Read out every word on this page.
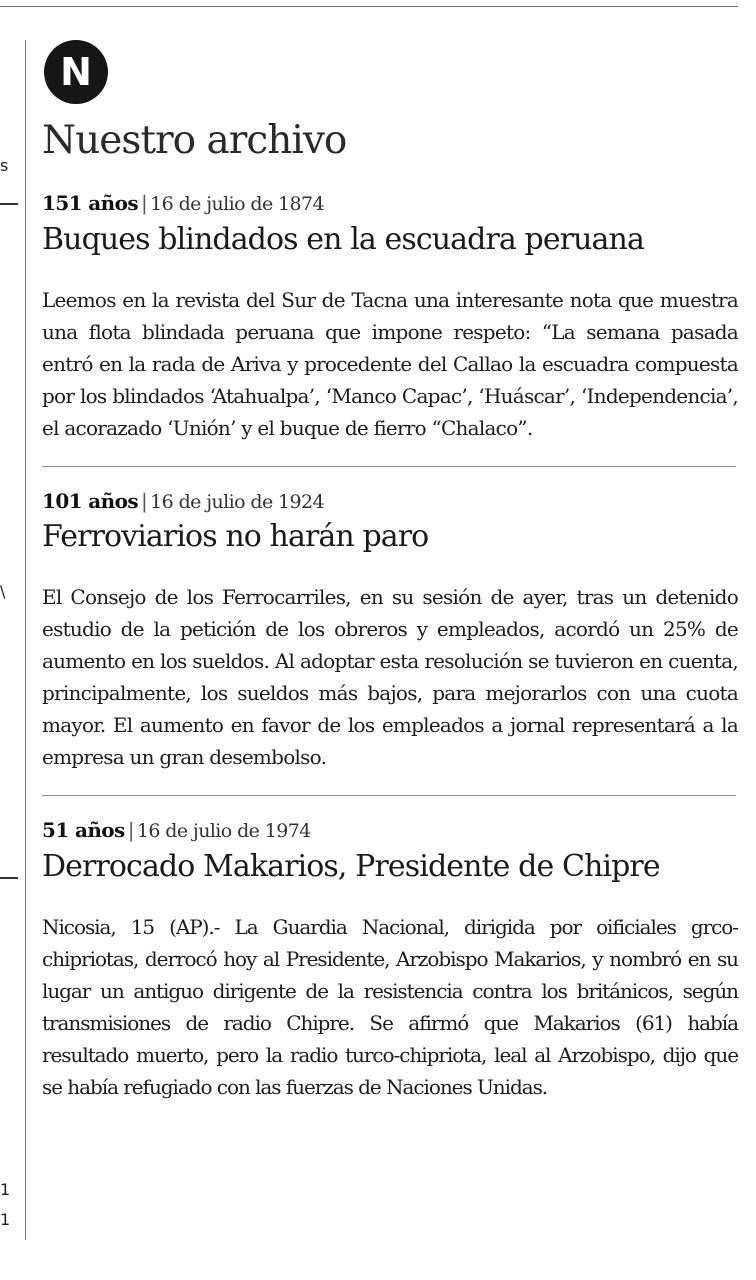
s
\
1
1
N
Nuestro archivo

151 años | 16 de julio de 1874

Buques blindados en la escuadra peruana

Leemos en la revista del Sur de Tacna una interesante nota que muestra una flota blindada peruana que impone respeto: “La semana pasada entró en la rada de Ariva y procedente del Callao la escuadra compuesta por los blindados ‘Atahualpa’, ‘Manco Capac’, ‘Huáscar’, ‘Independencia’, el acorazado ‘Unión’ y el buque de fierro “Chalaco”.

101 años | 16 de julio de 1924

Ferroviarios no harán paro

El Consejo de los Ferrocarriles, en su sesión de ayer, tras un detenido estudio de la petición de los obreros y empleados, acordó un 25% de aumento en los sueldos. Al adoptar esta resolución se tuvieron en cuenta, principalmente, los sueldos más bajos, para mejorarlos con una cuota mayor. El aumento en favor de los empleados a jornal representará a la empresa un gran desembolso.

51 años | 16 de julio de 1974

Derrocado Makarios, Presidente de Chipre

Nicosia, 15 (AP).- La Guardia Nacional, dirigida por oificiales grco-chipriotas, derrocó hoy al Presidente, Arzobispo Makarios, y nombró en su lugar un antiguo dirigente de la resistencia contra los británicos, según transmisiones de radio Chipre. Se afirmó que Makarios (61) había resultado muerto, pero la radio turco-chipriota, leal al Arzobispo, dijo que se había refugiado con las fuerzas de Naciones Unidas.
